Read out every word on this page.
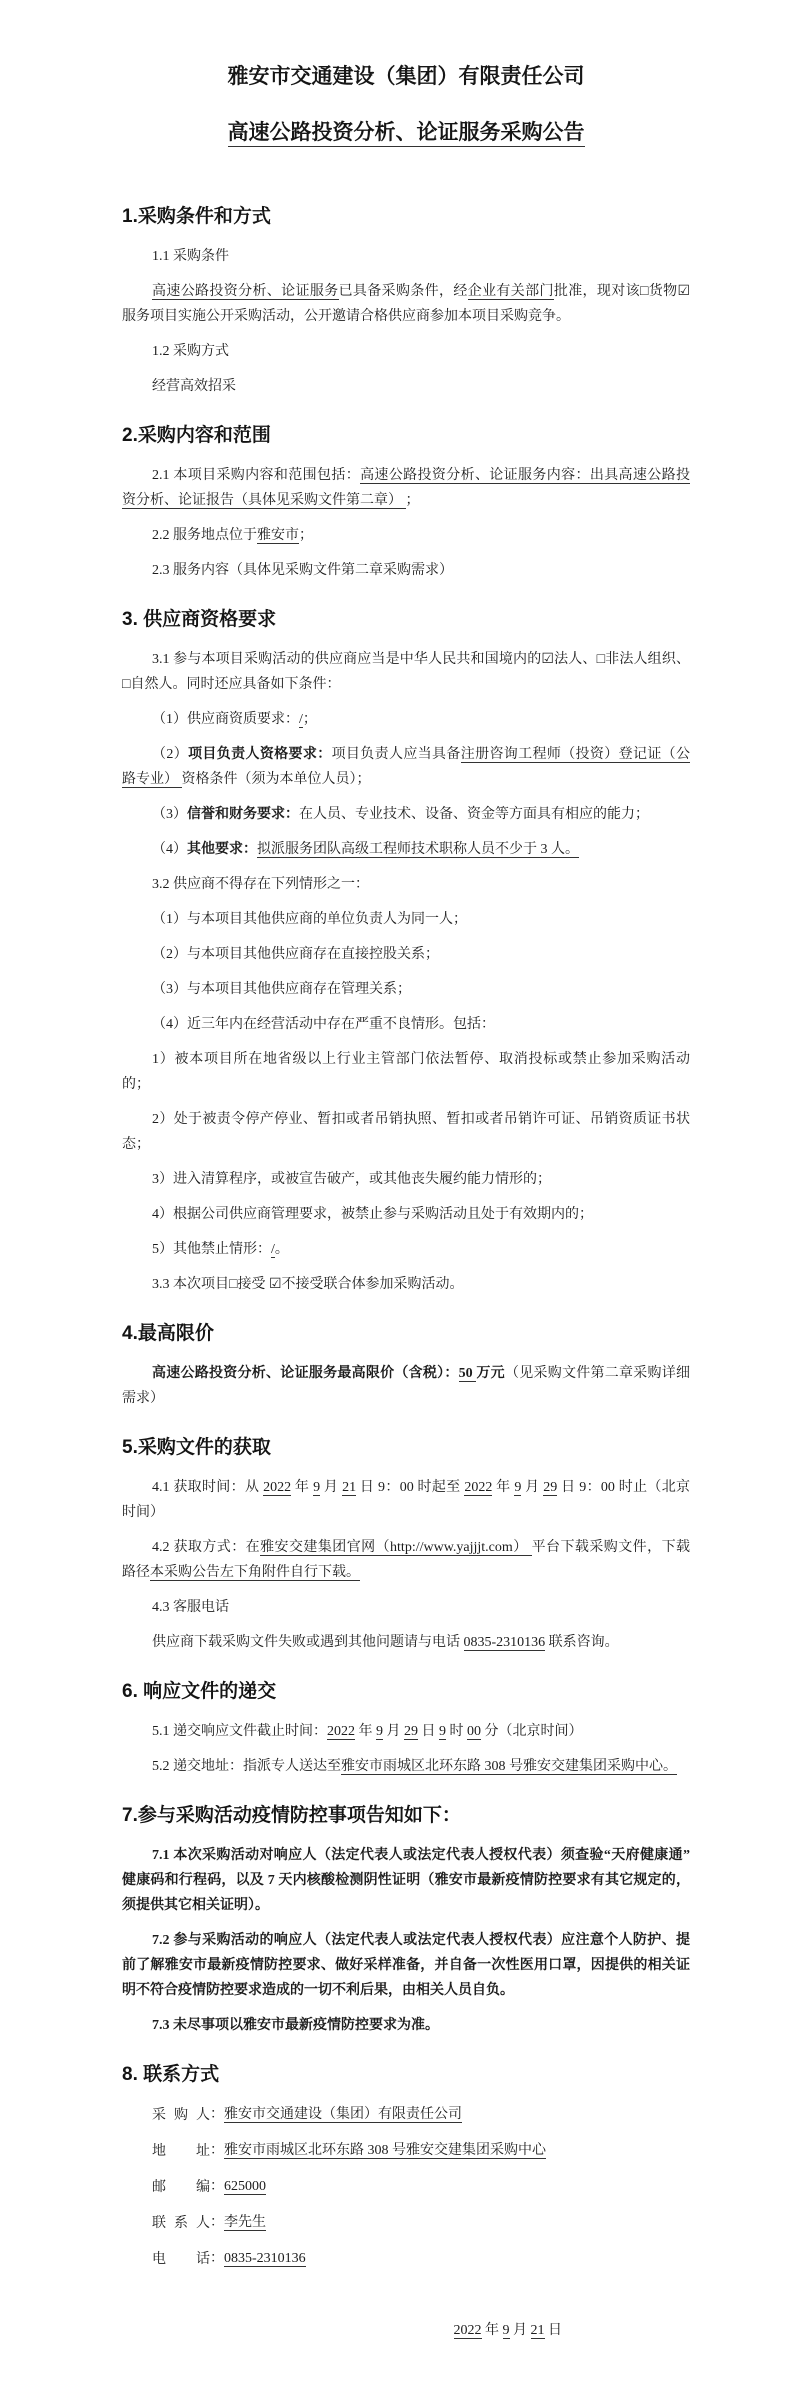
雅安市交通建设（集团）有限责任公司
高速公路投资分析、论证服务采购公告
1.采购条件和方式

1.1 采购条件

高速公路投资分析、论证服务已具备采购条件，经企业有关部门批准，现对该□货物☑服务项目实施公开采购活动，公开邀请合格供应商参加本项目采购竞争。

1.2 采购方式

经营高效招采

2.采购内容和范围

2.1 本项目采购内容和范围包括：高速公路投资分析、论证服务内容：出具高速公路投资分析、论证报告（具体见采购文件第二章） ；

2.2 服务地点位于雅安市；

2.3 服务内容（具体见采购文件第二章采购需求）

3. 供应商资格要求

3.1 参与本项目采购活动的供应商应当是中华人民共和国境内的☑法人、□非法人组织、□自然人。同时还应具备如下条件：

（1）供应商资质要求：/；

（2）项目负责人资格要求：项目负责人应当具备注册咨询工程师（投资）登记证（公路专业） 资格条件（须为本单位人员）；

（3）信誉和财务要求：在人员、专业技术、设备、资金等方面具有相应的能力；

（4）其他要求：拟派服务团队高级工程师技术职称人员不少于 3 人。

3.2 供应商不得存在下列情形之一：

（1）与本项目其他供应商的单位负责人为同一人；

（2）与本项目其他供应商存在直接控股关系；

（3）与本项目其他供应商存在管理关系；

（4）近三年内在经营活动中存在严重不良情形。包括：

1）被本项目所在地省级以上行业主管部门依法暂停、取消投标或禁止参加采购活动的；

2）处于被责令停产停业、暂扣或者吊销执照、暂扣或者吊销许可证、吊销资质证书状态；

3）进入清算程序，或被宣告破产，或其他丧失履约能力情形的；

4）根据公司供应商管理要求，被禁止参与采购活动且处于有效期内的；

5）其他禁止情形：/。

3.3 本次项目□接受 ☑不接受联合体参加采购活动。

4.最高限价

高速公路投资分析、论证服务最高限价（含税）：50 万元（见采购文件第二章采购详细需求）

5.采购文件的获取

4.1 获取时间：从 2022 年 9 月 21 日 9：00 时起至 2022 年 9 月 29 日 9：00 时止（北京时间）

4.2 获取方式：在雅安交建集团官网（http://www.yajjjt.com） 平台下载采购文件，下载路径本采购公告左下角附件自行下载。

4.3 客服电话

供应商下载采购文件失败或遇到其他问题请与电话 0835-2310136 联系咨询。

6. 响应文件的递交

5.1 递交响应文件截止时间：2022 年 9 月 29 日 9 时 00 分（北京时间）

5.2 递交地址：指派专人送达至雅安市雨城区北环东路 308 号雅安交建集团采购中心。

7.参与采购活动疫情防控事项告知如下：

7.1 本次采购活动对响应人（法定代表人或法定代表人授权代表）须查验“天府健康通”健康码和行程码，以及 7 天内核酸检测阴性证明（雅安市最新疫情防控要求有其它规定的，须提供其它相关证明）。

7.2 参与采购活动的响应人（法定代表人或法定代表人授权代表）应注意个人防护、提前了解雅安市最新疫情防控要求、做好采样准备，并自备一次性医用口罩，因提供的相关证明不符合疫情防控要求造成的一切不利后果，由相关人员自负。

7.3 未尽事项以雅安市最新疫情防控要求为准。

8. 联系方式

采购人：雅安市交通建设（集团）有限责任公司

地址：雅安市雨城区北环东路 308 号雅安交建集团采购中心

邮编：625000

联系人：李先生

电话：0835-2310136

2022 年 9 月 21 日
